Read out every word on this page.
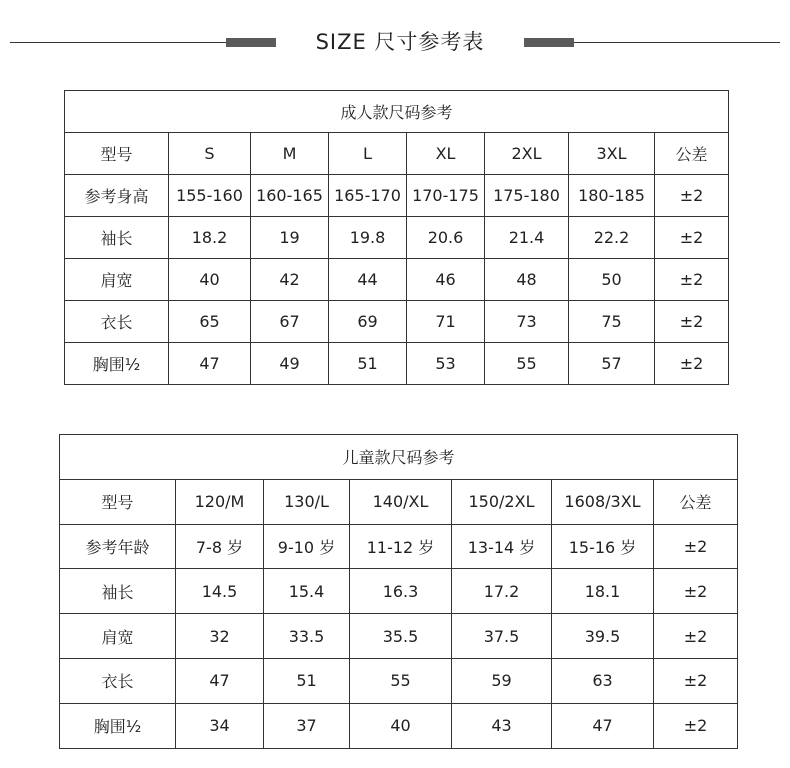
SIZE 尺寸参考表
成人款尺码参考							
型号	S	M	L	XL	2XL	3XL	公差
参考身高	155-160	160-165	165-170	170-175	175-180	180-185	±2
袖长	18.2	19	19.8	20.6	21.4	22.2	±2
肩宽	40	42	44	46	48	50	±2
衣长	65	67	69	71	73	75	±2
胸围½	47	49	51	53	55	57	±2
儿童款尺码参考						
型号	120/M	130/L	140/XL	150/2XL	1608/3XL	公差
参考年龄	7-8 岁	9-10 岁	11-12 岁	13-14 岁	15-16 岁	±2
袖长	14.5	15.4	16.3	17.2	18.1	±2
肩宽	32	33.5	35.5	37.5	39.5	±2
衣长	47	51	55	59	63	±2
胸围½	34	37	40	43	47	±2
